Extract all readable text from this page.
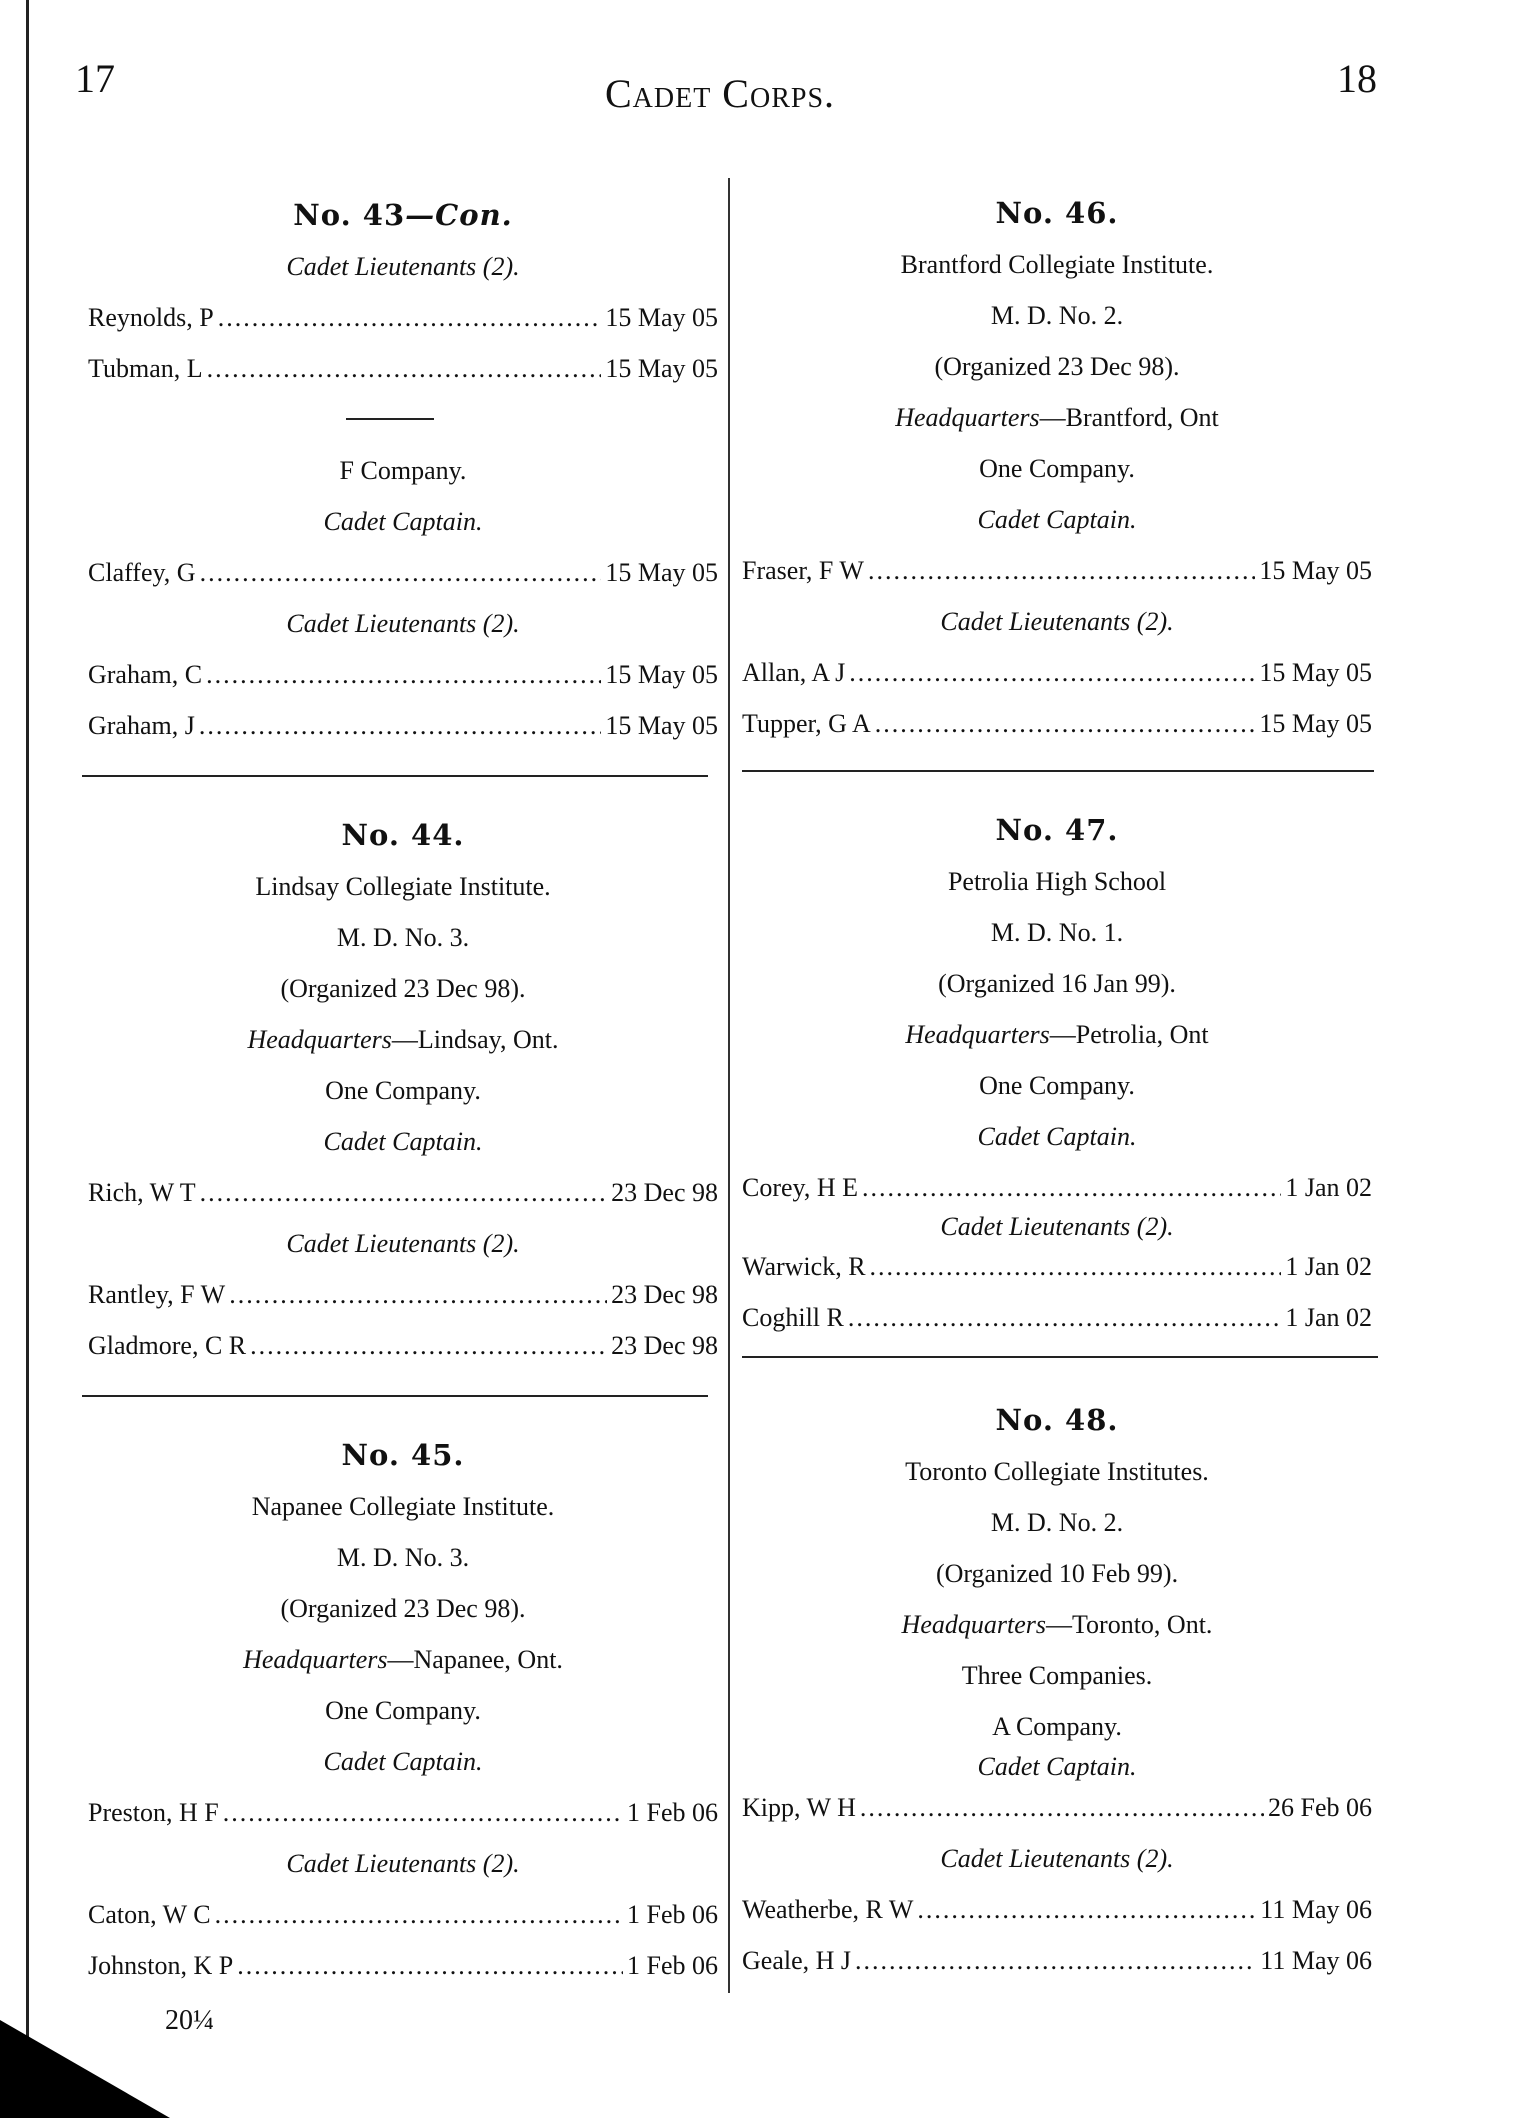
17	Cadet Corps.	18
No. 43—Con.
Cadet Lieutenants (2).
Reynolds, P .....	15 May 05
Tubman, L .....	15 May 05
F Company.
Cadet Captain.
Claffey, G .....	15 May 05
Cadet Lieutenants (2).
Graham, C .....	15 May 05
Graham, J .....	15 May 05
No. 44.
Lindsay Collegiate Institute.
M. D. No. 3.
(Organized 23 Dec 98).
Headquarters—Lindsay, Ont.
One Company.
Cadet Captain.
Rich, W T .....	23 Dec 98
Cadet Lieutenants (2).
Rantley, F W .....	23 Dec 98
Gladmore, C R .....	23 Dec 98
No. 45.
Napanee Collegiate Institute.
M. D. No. 3.
(Organized 23 Dec 98).
Headquarters—Napanee, Ont.
One Company.
Cadet Captain.
Preston, H F .....	1 Feb 06
Cadet Lieutenants (2).
Caton, W C .....	1 Feb 06
Johnston, K P .....	1 Feb 06
No. 46.
Brantford Collegiate Institute.
M. D. No. 2.
(Organized 23 Dec 98).
Headquarters—Brantford, Ont
One Company.
Cadet Captain.
Fraser, F W .....	15 May 05
Cadet Lieutenants (2).
Allan, A J .....	15 May 05
Tupper, G A .....	15 May 05
No. 47.
Petrolia High School
M. D. No. 1.
(Organized 16 Jan 99).
Headquarters—Petrolia, Ont
One Company.
Cadet Captain.
Corey, H E .....	1 Jan 02
Cadet Lieutenants (2).
Warwick, R .....	1 Jan 02
Coghill R .....	1 Jan 02
No. 48.
Toronto Collegiate Institutes.
M. D. No. 2.
(Organized 10 Feb 99).
Headquarters—Toronto, Ont.
Three Companies.
A Company.
Cadet Captain.
Kipp, W H .....	26 Feb 06
Cadet Lieutenants (2).
Weatherbe, R W .....	11 May 06
Geale, H J .....	11 May 06
20¼
